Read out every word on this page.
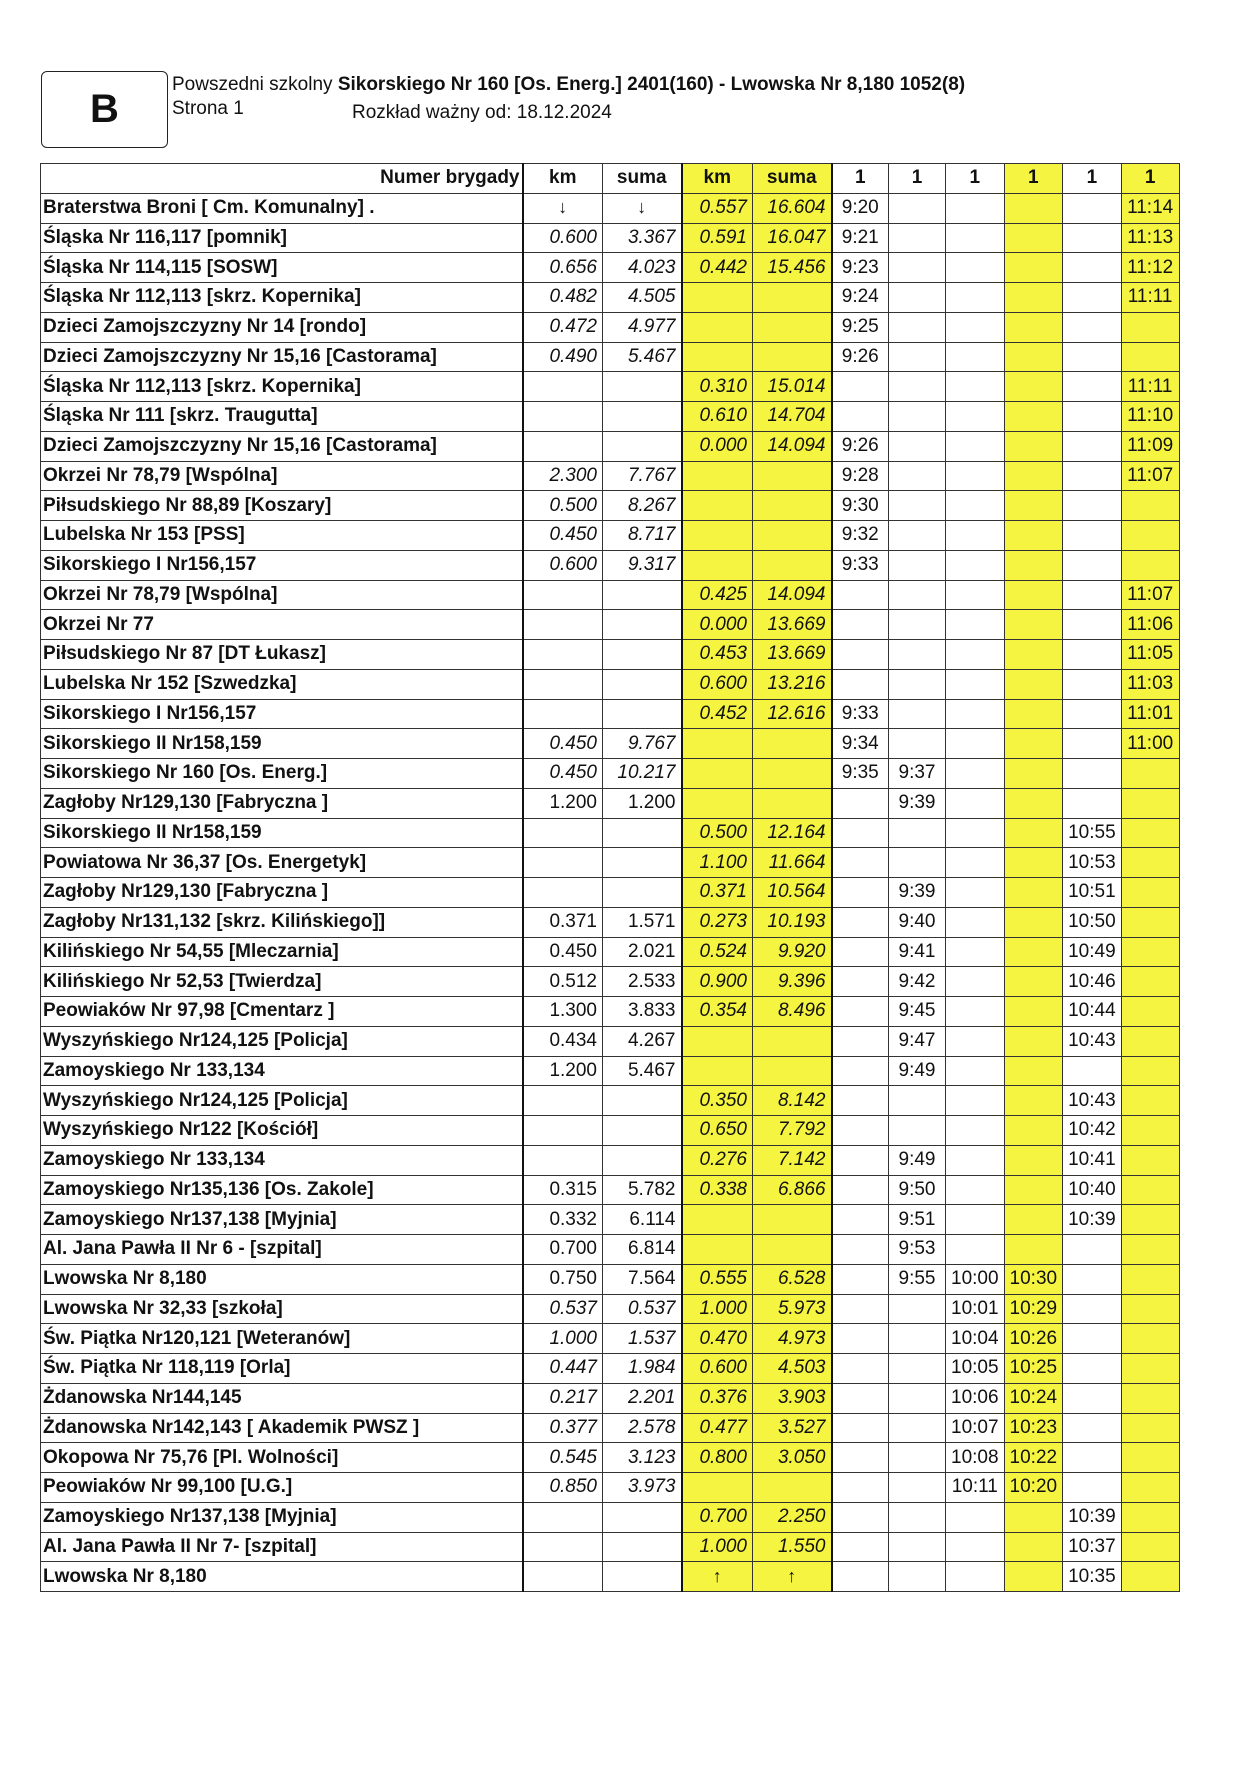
B
Powszedni szkolny Sikorskiego Nr 160 [Os. Energ.] 2401(160) - Lwowska Nr 8,180 1052(8)
Strona 1	Rozkład ważny od: 18.12.2024
Numer brygady	km	suma	km	suma	1	1	1	1	1	1
Braterstwa Broni [ Cm. Komunalny] .	↓	↓	0.557	16.604	9:20					11:14
Śląska Nr 116,117 [pomnik]	0.600	3.367	0.591	16.047	9:21					11:13
Śląska Nr 114,115 [SOSW]	0.656	4.023	0.442	15.456	9:23					11:12
Śląska Nr 112,113 [skrz. Kopernika]	0.482	4.505			9:24					11:11
Dzieci Zamojszczyzny Nr 14 [rondo]	0.472	4.977			9:25					
Dzieci Zamojszczyzny Nr 15,16 [Castorama]	0.490	5.467			9:26					
Śląska Nr 112,113 [skrz. Kopernika]			0.310	15.014						11:11
Śląska Nr 111 [skrz. Traugutta]			0.610	14.704						11:10
Dzieci Zamojszczyzny Nr 15,16 [Castorama]			0.000	14.094	9:26					11:09
Okrzei Nr 78,79 [Wspólna]	2.300	7.767			9:28					11:07
Piłsudskiego Nr 88,89 [Koszary]	0.500	8.267			9:30					
Lubelska Nr 153 [PSS]	0.450	8.717			9:32					
Sikorskiego I Nr156,157	0.600	9.317			9:33					
Okrzei Nr 78,79 [Wspólna]			0.425	14.094						11:07
Okrzei Nr 77			0.000	13.669						11:06
Piłsudskiego Nr 87 [DT Łukasz]			0.453	13.669						11:05
Lubelska Nr 152 [Szwedzka]			0.600	13.216						11:03
Sikorskiego I Nr156,157			0.452	12.616	9:33					11:01
Sikorskiego II Nr158,159	0.450	9.767			9:34					11:00
Sikorskiego Nr 160 [Os. Energ.]	0.450	10.217			9:35	9:37				
Zagłoby Nr129,130 [Fabryczna ]	1.200	1.200				9:39				
Sikorskiego II Nr158,159			0.500	12.164					10:55	
Powiatowa Nr 36,37 [Os. Energetyk]			1.100	11.664					10:53	
Zagłoby Nr129,130 [Fabryczna ]			0.371	10.564		9:39			10:51	
Zagłoby Nr131,132 [skrz. Kilińskiego]]	0.371	1.571	0.273	10.193		9:40			10:50	
Kilińskiego Nr 54,55 [Mleczarnia]	0.450	2.021	0.524	9.920		9:41			10:49	
Kilińskiego Nr 52,53 [Twierdza]	0.512	2.533	0.900	9.396		9:42			10:46	
Peowiaków Nr 97,98 [Cmentarz ]	1.300	3.833	0.354	8.496		9:45			10:44	
Wyszyńskiego Nr124,125 [Policja]	0.434	4.267				9:47			10:43	
Zamoyskiego Nr 133,134	1.200	5.467				9:49				
Wyszyńskiego Nr124,125 [Policja]			0.350	8.142					10:43	
Wyszyńskiego Nr122 [Kościół]			0.650	7.792					10:42	
Zamoyskiego Nr 133,134			0.276	7.142		9:49			10:41	
Zamoyskiego Nr135,136 [Os. Zakole]	0.315	5.782	0.338	6.866		9:50			10:40	
Zamoyskiego Nr137,138 [Myjnia]	0.332	6.114				9:51			10:39	
Al. Jana Pawła II Nr 6 - [szpital]	0.700	6.814				9:53				
Lwowska Nr 8,180	0.750	7.564	0.555	6.528		9:55	10:00	10:30		
Lwowska Nr 32,33 [szkoła]	0.537	0.537	1.000	5.973			10:01	10:29		
Św. Piątka Nr120,121 [Weteranów]	1.000	1.537	0.470	4.973			10:04	10:26		
Św. Piątka Nr 118,119 [Orla]	0.447	1.984	0.600	4.503			10:05	10:25		
Żdanowska Nr144,145	0.217	2.201	0.376	3.903			10:06	10:24		
Żdanowska Nr142,143 [ Akademik PWSZ ]	0.377	2.578	0.477	3.527			10:07	10:23		
Okopowa Nr 75,76 [Pl. Wolności]	0.545	3.123	0.800	3.050			10:08	10:22		
Peowiaków Nr 99,100 [U.G.]	0.850	3.973					10:11	10:20		
Zamoyskiego Nr137,138 [Myjnia]			0.700	2.250					10:39	
Al. Jana Pawła II Nr 7- [szpital]			1.000	1.550					10:37	
Lwowska Nr 8,180			↑	↑					10:35	
